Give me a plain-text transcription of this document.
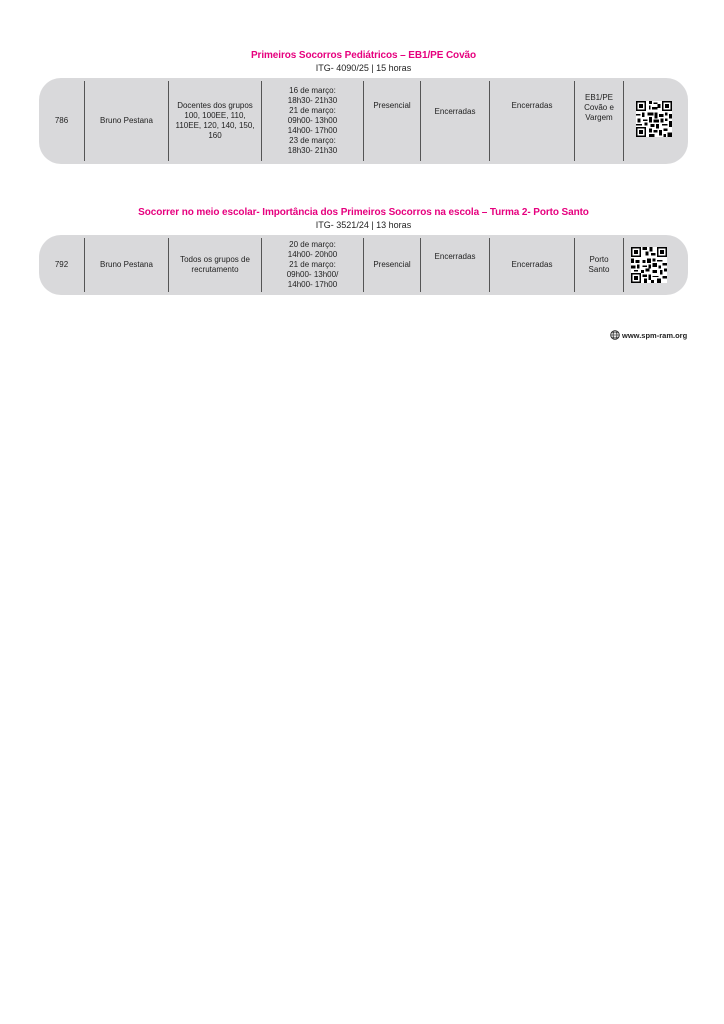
Primeiros Socorros Pediátricos – EB1/PE Covão
ITG- 4090/25 | 15 horas
786	Bruno Pestana
Docentes dos grupos 100, 100EE, 110, 110EE, 120, 140, 150, 160
16 de março:
18h30- 21h30
21 de março:
09h00- 13h00
14h00- 17h00
23 de março:
18h30- 21h30
Presencial
Encerradas
Encerradas
EB1/PE Covão e Vargem
Socorrer no meio escolar- Importância dos Primeiros Socorros na escola – Turma 2- Porto Santo
ITG- 3521/24 | 13 horas
792	Bruno Pestana
Todos os grupos de recrutamento
20 de março:
14h00- 20h00
21 de março:
09h00- 13h00/
14h00- 17h00
Presencial
Encerradas
Encerradas
Porto Santo
www.spm-ram.org
